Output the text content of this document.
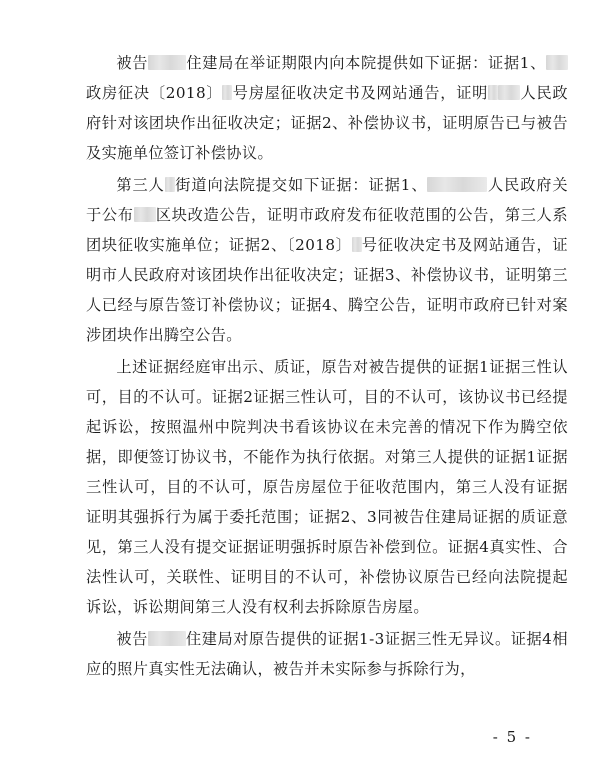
被告	住建局在举证期限内向本院提供如下证据：证据1、政房征决〔2018〕 号房屋征收决定书及网站通告，证明 人民政府针对该团块作出征收决定；证据2、补偿协议书，证明原告已与被告及实施单位签订补偿协议。

第三人 街道向法院提交如下证据：证据1、	人民政府关于公布 区块改造公告，证明市政府发布征收范围的公告，第三人系团块征收实施单位；证据2、〔2018〕 号征收决定书及网站通告，证明市人民政府对该团块作出征收决定；证据3、补偿协议书，证明第三人已经与原告签订补偿协议；证据4、腾空公告，证明市政府已针对案涉团块作出腾空公告。

上述证据经庭审出示、质证，原告对被告提供的证据1证据三性认可，目的不认可。证据2证据三性认可，目的不认可，该协议书已经提起诉讼，按照温州中院判决书看该协议在未完善的情况下作为腾空依据，即便签订协议书，不能作为执行依据。对第三人提供的证据1证据三性认可，目的不认可，原告房屋位于征收范围内，第三人没有证据证明其强拆行为属于委托范围；证据2、3同被告住建局证据的质证意见，第三人没有提交证据证明强拆时原告补偿到位。证据4真实性、合法性认可，关联性、证明目的不认可，补偿协议原告已经向法院提起诉讼，诉讼期间第三人没有权利去拆除原告房屋。

被告	住建局对原告提供的证据1-3证据三性无异议。证据4相应的照片真实性无法确认，被告并未实际参与拆除行为，

- 5 -
